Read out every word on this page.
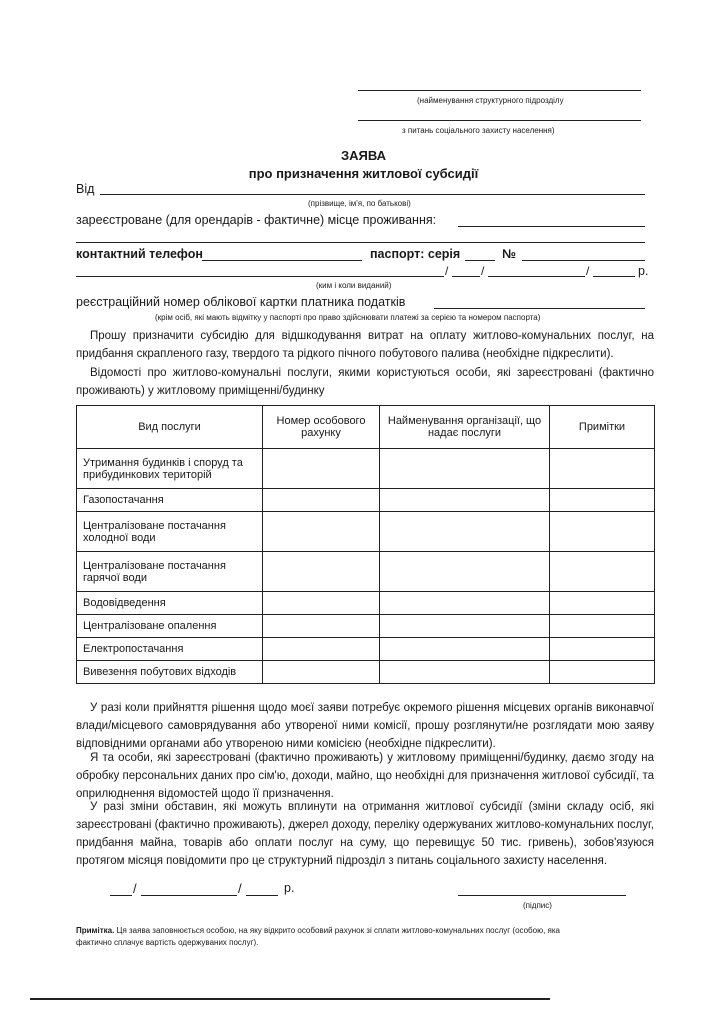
(найменування структурного підрозділу
з питань соціального захисту населення)
ЗАЯВА
про призначення житлової субсидії
Від
(прізвище, ім'я, по батькові)
зареєстроване (для орендарів - фактичне) місце проживання:
контактний телефон	паспорт: серія	№
/	/	/	р.
(ким і коли виданий)
реєстраційний номер облікової картки платника податків
(крім осіб, які мають відмітку у паспорті про право здійснювати платежі за серією та номером паспорта)
Прошу призначити субсидію для відшкодування витрат на оплату житлово-комунальних послуг, на придбання скрапленого газу, твердого та рідкого пічного побутового палива (необхідне підкреслити).
Відомості про житлово-комунальні послуги, якими користуються особи, які зареєстровані (фактично проживають) у житловому приміщенні/будинку
Вид послуги	Номер особового рахунку	Найменування організації, що надає послуги	Примітки
Утримання будинків і споруд та прибудинкових територій			
Газопостачання			
Централізоване постачання холодної води			
Централізоване постачання гарячої води			
Водовідведення			
Централізоване опалення			
Електропостачання			
Вивезення побутових відходів			
У разі коли прийняття рішення щодо моєї заяви потребує окремого рішення місцевих органів виконавчої влади/місцевого самоврядування або утвореної ними комісії, прошу розглянути/не розглядати мою заяву відповідними органами або утвореною ними комісією (необхідне підкреслити).
Я та особи, які зареєстровані (фактично проживають) у житловому приміщенні/будинку, даємо згоду на обробку персональних даних про сім'ю, доходи, майно, що необхідні для призначення житлової субсидії, та оприлюднення відомостей щодо її призначення.
У разі зміни обставин, які можуть вплинути на отримання житлової субсидії (зміни складу осіб, які зареєстровані (фактично проживають), джерел доходу, переліку одержуваних житлово-комунальних послуг, придбання майна, товарів або оплати послуг на суму, що перевищує 50 тис. гривень), зобов'язуюся протягом місяця повідомити про це структурний підрозділ з питань соціального захисту населення.
/	/	р.
(підпис)
Примітка. Ця заява заповнюється особою, на яку відкрито особовий рахунок зі сплати житлово-комунальних послуг (особою, яка фактично сплачує вартість одержуваних послуг).
